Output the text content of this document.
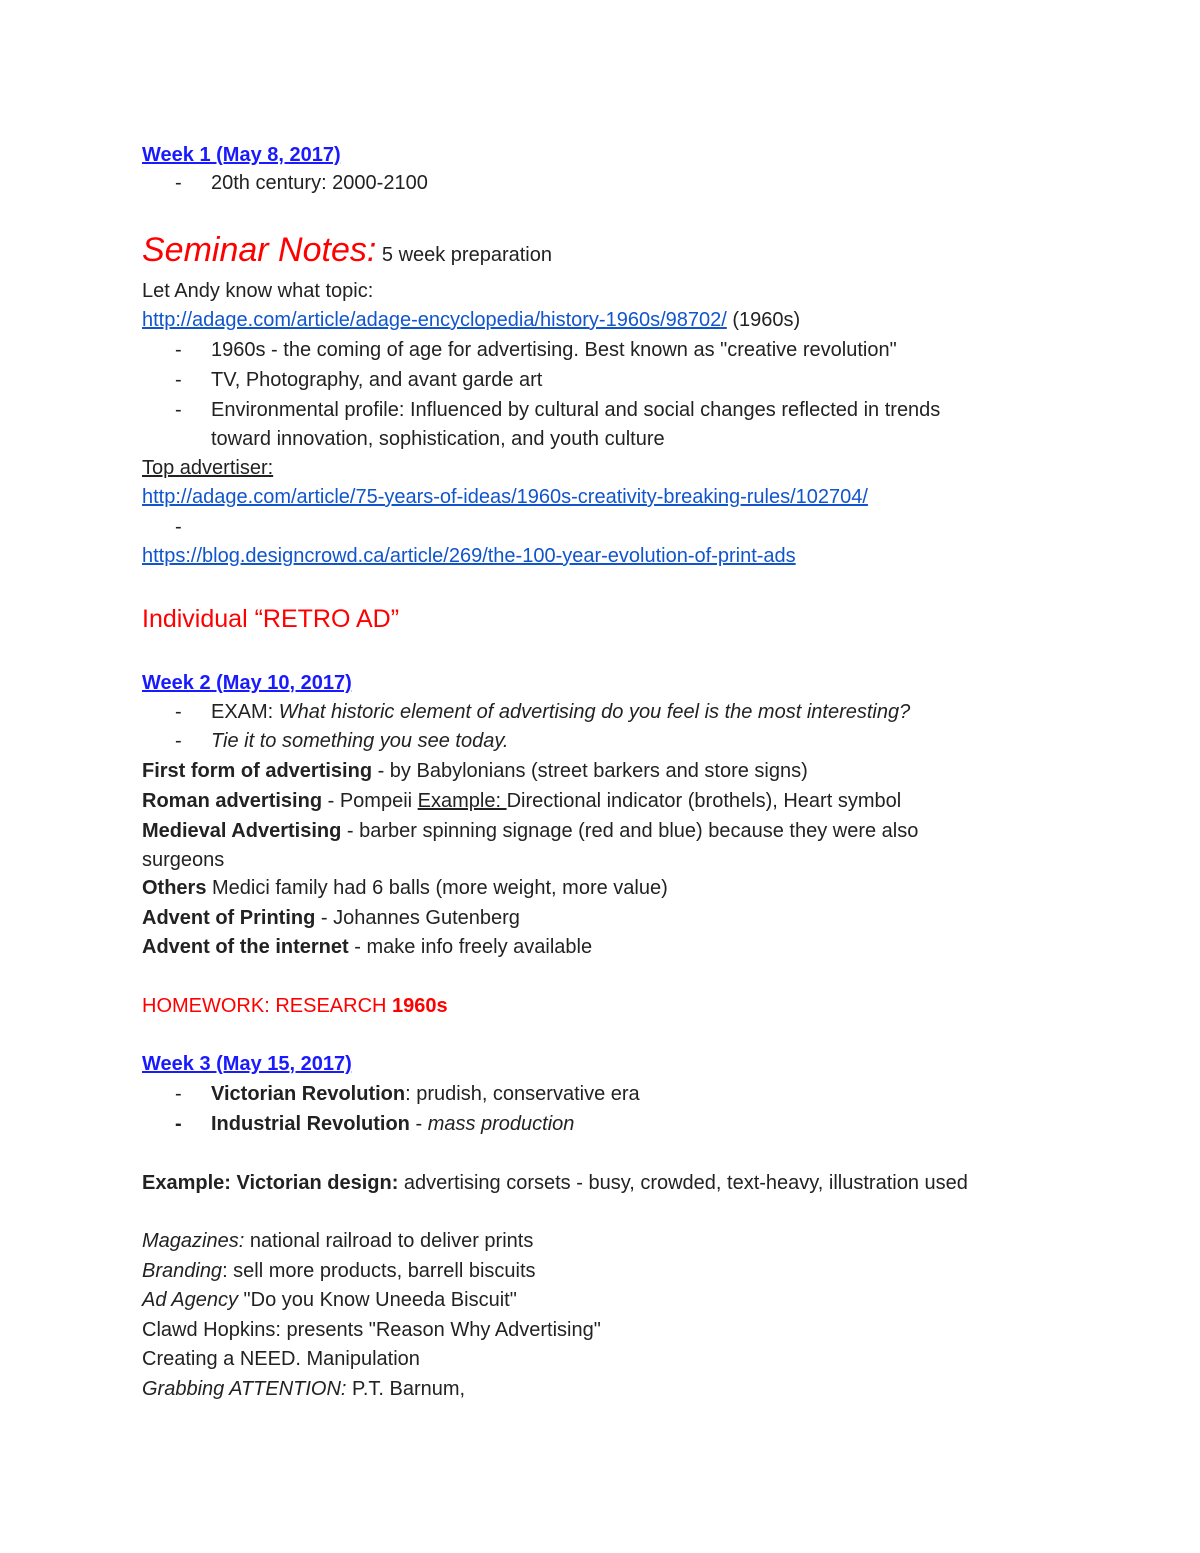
Week 1 (May 8, 2017)
- 20th century: 2000-2100
Seminar Notes: 5 week preparation
Let Andy know what topic:
http://adage.com/article/adage-encyclopedia/history-1960s/98702/ (1960s)
- 1960s - the coming of age for advertising. Best known as "creative revolution"
- TV, Photography, and avant garde art
- Environmental profile: Influenced by cultural and social changes reflected in trends
toward innovation, sophistication, and youth culture
Top advertiser:
http://adage.com/article/75-years-of-ideas/1960s-creativity-breaking-rules/102704/
-
https://blog.designcrowd.ca/article/269/the-100-year-evolution-of-print-ads
Individual “RETRO AD”
Week 2 (May 10, 2017)
- EXAM: What historic element of advertising do you feel is the most interesting?
- Tie it to something you see today.
First form of advertising - by Babylonians (street barkers and store signs)
Roman advertising - Pompeii Example: Directional indicator (brothels), Heart symbol
Medieval Advertising - barber spinning signage (red and blue) because they were also
surgeons
Others Medici family had 6 balls (more weight, more value)
Advent of Printing - Johannes Gutenberg
Advent of the internet - make info freely available
HOMEWORK: RESEARCH 1960s
Week 3 (May 15, 2017)
- Victorian Revolution: prudish, conservative era
- Industrial Revolution - mass production
Example: Victorian design: advertising corsets - busy, crowded, text-heavy, illustration used
Magazines: national railroad to deliver prints
Branding: sell more products, barrell biscuits
Ad Agency "Do you Know Uneeda Biscuit"
Clawd Hopkins: presents "Reason Why Advertising"
Creating a NEED. Manipulation
Grabbing ATTENTION: P.T. Barnum,
